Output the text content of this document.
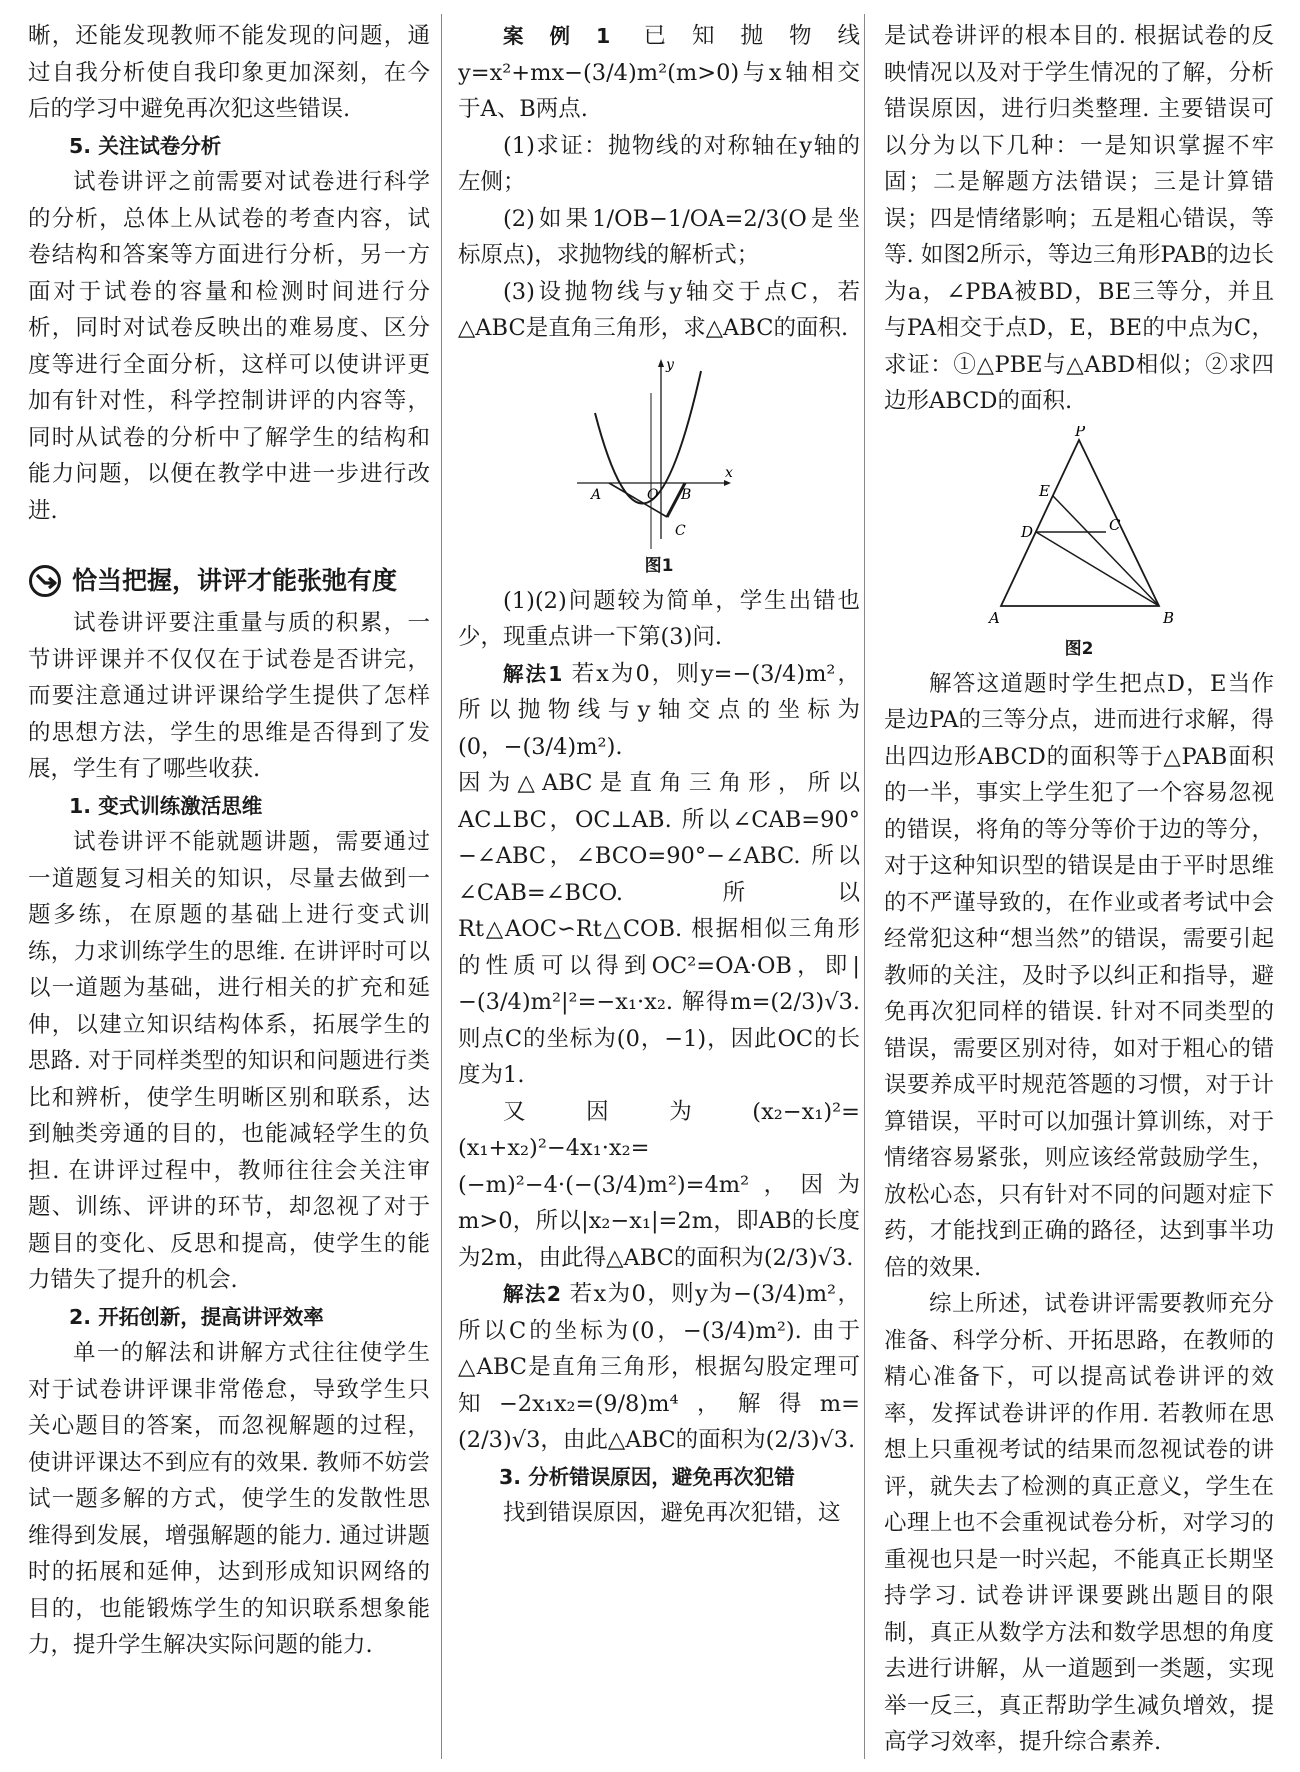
晰，还能发现教师不能发现的问题，通过自我分析使自我印象更加深刻，在今后的学习中避免再次犯这些错误.

5. 关注试卷分析

试卷讲评之前需要对试卷进行科学的分析，总体上从试卷的考查内容，试卷结构和答案等方面进行分析，另一方面对于试卷的容量和检测时间进行分析，同时对试卷反映出的难易度、区分度等进行全面分析，这样可以使讲评更加有针对性，科学控制讲评的内容等，同时从试卷的分析中了解学生的结构和能力问题，以便在教学中进一步进行改进.

恰当把握，讲评才能张弛有度

试卷讲评要注重量与质的积累，一节讲评课并不仅仅在于试卷是否讲完，而要注意通过讲评课给学生提供了怎样的思想方法，学生的思维是否得到了发展，学生有了哪些收获.

1. 变式训练激活思维

试卷讲评不能就题讲题，需要通过一道题复习相关的知识，尽量去做到一题多练，在原题的基础上进行变式训练，力求训练学生的思维. 在讲评时可以以一道题为基础，进行相关的扩充和延伸，以建立知识结构体系，拓展学生的思路. 对于同样类型的知识和问题进行类比和辨析，使学生明晰区别和联系，达到触类旁通的目的，也能减轻学生的负担. 在讲评过程中，教师往往会关注审题、训练、评讲的环节，却忽视了对于题目的变化、反思和提高，使学生的能力错失了提升的机会.

2. 开拓创新，提高讲评效率

单一的解法和讲解方式往往使学生对于试卷讲评课非常倦怠，导致学生只关心题目的答案，而忽视解题的过程，使讲评课达不到应有的效果. 教师不妨尝试一题多解的方式，使学生的发散性思维得到发展，增强解题的能力. 通过讲题时的拓展和延伸，达到形成知识网络的目的，也能锻炼学生的知识联系想象能力，提升学生解决实际问题的能力.

案例1 已知抛物线y=x²+mx−(3/4)m²(m>0)与x轴相交于A、B两点.

(1)求证：抛物线的对称轴在y轴的左侧；

(2)如果1/OB−1/OA=2/3(O是坐标原点)，求抛物线的解析式；

(3)设抛物线与y轴交于点C，若△ABC是直角三角形，求△ABC的面积.

y
x
A	O B
C
图1

(1)(2)问题较为简单，学生出错也少，现重点讲一下第(3)问.

解法1 若x为0，则y=−(3/4)m²，所以抛物线与y轴交点的坐标为(0，−(3/4)m²).

因为△ABC是直角三角形，所以AC⊥BC，OC⊥AB. 所以∠CAB=90°−∠ABC，∠BCO=90°−∠ABC. 所以∠CAB=∠BCO. 所以Rt△AOC∽Rt△COB. 根据相似三角形的性质可以得到OC²=OA·OB，即|−(3/4)m²|²=−x₁·x₂. 解得m=(2/3)√3. 则点C的坐标为(0，−1)，因此OC的长度为1.

又因为(x₂−x₁)²=(x₁+x₂)²−4x₁·x₂=(−m)²−4·(−(3/4)m²)=4m²，因为m>0，所以|x₂−x₁|=2m，即AB的长度为2m，由此得△ABC的面积为(2/3)√3.

解法2 若x为0，则y为−(3/4)m²，所以C的坐标为(0，−(3/4)m²). 由于△ABC是直角三角形，根据勾股定理可知−2x₁x₂=(9/8)m⁴，解得m=(2/3)√3，由此△ABC的面积为(2/3)√3.

3. 分析错误原因，避免再次犯错

找到错误原因，避免再次犯错，这

是试卷讲评的根本目的. 根据试卷的反映情况以及对于学生情况的了解，分析错误原因，进行归类整理. 主要错误可以分为以下几种：一是知识掌握不牢固；二是解题方法错误；三是计算错误；四是情绪影响；五是粗心错误，等等. 如图2所示，等边三角形PAB的边长为a，∠PBA被BD，BE三等分，并且与PA相交于点D，E，BE的中点为C，求证：①△PBE与△ABD相似；②求四边形ABCD的面积.

P
E
D	C
A	B
图2

解答这道题时学生把点D，E当作是边PA的三等分点，进而进行求解，得出四边形ABCD的面积等于△PAB面积的一半，事实上学生犯了一个容易忽视的错误，将角的等分等价于边的等分，对于这种知识型的错误是由于平时思维的不严谨导致的，在作业或者考试中会经常犯这种“想当然”的错误，需要引起教师的关注，及时予以纠正和指导，避免再次犯同样的错误. 针对不同类型的错误，需要区别对待，如对于粗心的错误要养成平时规范答题的习惯，对于计算错误，平时可以加强计算训练，对于情绪容易紧张，则应该经常鼓励学生，放松心态，只有针对不同的问题对症下药，才能找到正确的路径，达到事半功倍的效果.

综上所述，试卷讲评需要教师充分准备、科学分析、开拓思路，在教师的精心准备下，可以提高试卷讲评的效率，发挥试卷讲评的作用. 若教师在思想上只重视考试的结果而忽视试卷的讲评，就失去了检测的真正意义，学生在心理上也不会重视试卷分析，对学习的重视也只是一时兴起，不能真正长期坚持学习. 试卷讲评课要跳出题目的限制，真正从数学方法和数学思想的角度去进行讲解，从一道题到一类题，实现举一反三，真正帮助学生减负增效，提高学习效率，提升综合素养.
